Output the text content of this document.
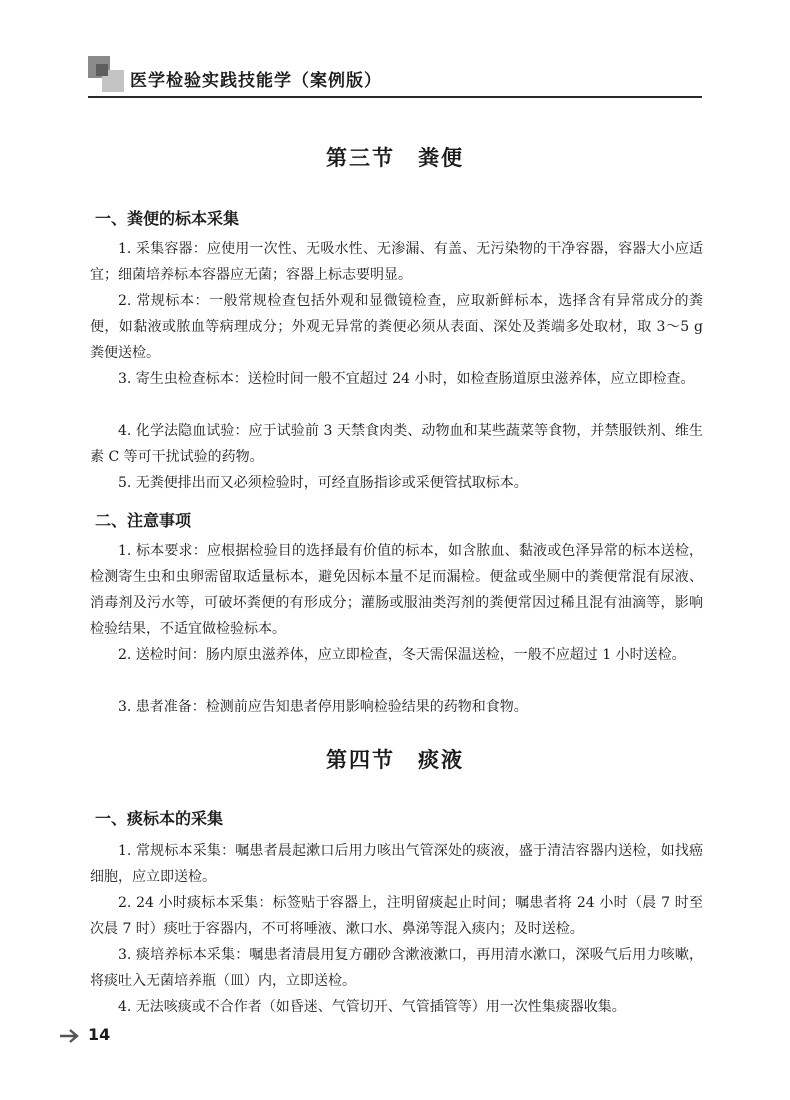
医学检验实践技能学（案例版）
第三节　粪便
一、粪便的标本采集

1. 采集容器：应使用一次性、无吸水性、无渗漏、有盖、无污染物的干净容器，容器大小应适宜；细菌培养标本容器应无菌；容器上标志要明显。

2. 常规标本：一般常规检查包括外观和显微镜检查，应取新鲜标本，选择含有异常成分的粪便，如黏液或脓血等病理成分；外观无异常的粪便必须从表面、深处及粪端多处取材，取 3～5 g 粪便送检。

3. 寄生虫检查标本：送检时间一般不宜超过 24 小时，如检查肠道原虫滋养体，应立即检查。

4. 化学法隐血试验：应于试验前 3 天禁食肉类、动物血和某些蔬菜等食物，并禁服铁剂、维生素 C 等可干扰试验的药物。

5. 无粪便排出而又必须检验时，可经直肠指诊或采便管拭取标本。

二、注意事项

1. 标本要求：应根据检验目的选择最有价值的标本，如含脓血、黏液或色泽异常的标本送检，检测寄生虫和虫卵需留取适量标本，避免因标本量不足而漏检。便盆或坐厕中的粪便常混有尿液、消毒剂及污水等，可破坏粪便的有形成分；灌肠或服油类泻剂的粪便常因过稀且混有油滴等，影响检验结果，不适宜做检验标本。

2. 送检时间：肠内原虫滋养体，应立即检查，冬天需保温送检，一般不应超过 1 小时送检。

3. 患者准备：检测前应告知患者停用影响检验结果的药物和食物。

第四节　痰液
一、痰标本的采集

1. 常规标本采集：嘱患者晨起漱口后用力咳出气管深处的痰液，盛于清洁容器内送检，如找癌细胞，应立即送检。

2. 24 小时痰标本采集：标签贴于容器上，注明留痰起止时间；嘱患者将 24 小时（晨 7 时至次晨 7 时）痰吐于容器内，不可将唾液、漱口水、鼻涕等混入痰内；及时送检。

3. 痰培养标本采集：嘱患者清晨用复方硼砂含漱液漱口，再用清水漱口，深吸气后用力咳嗽，将痰吐入无菌培养瓶（皿）内，立即送检。

4. 无法咳痰或不合作者（如昏迷、气管切开、气管插管等）用一次性集痰器收集。

14
